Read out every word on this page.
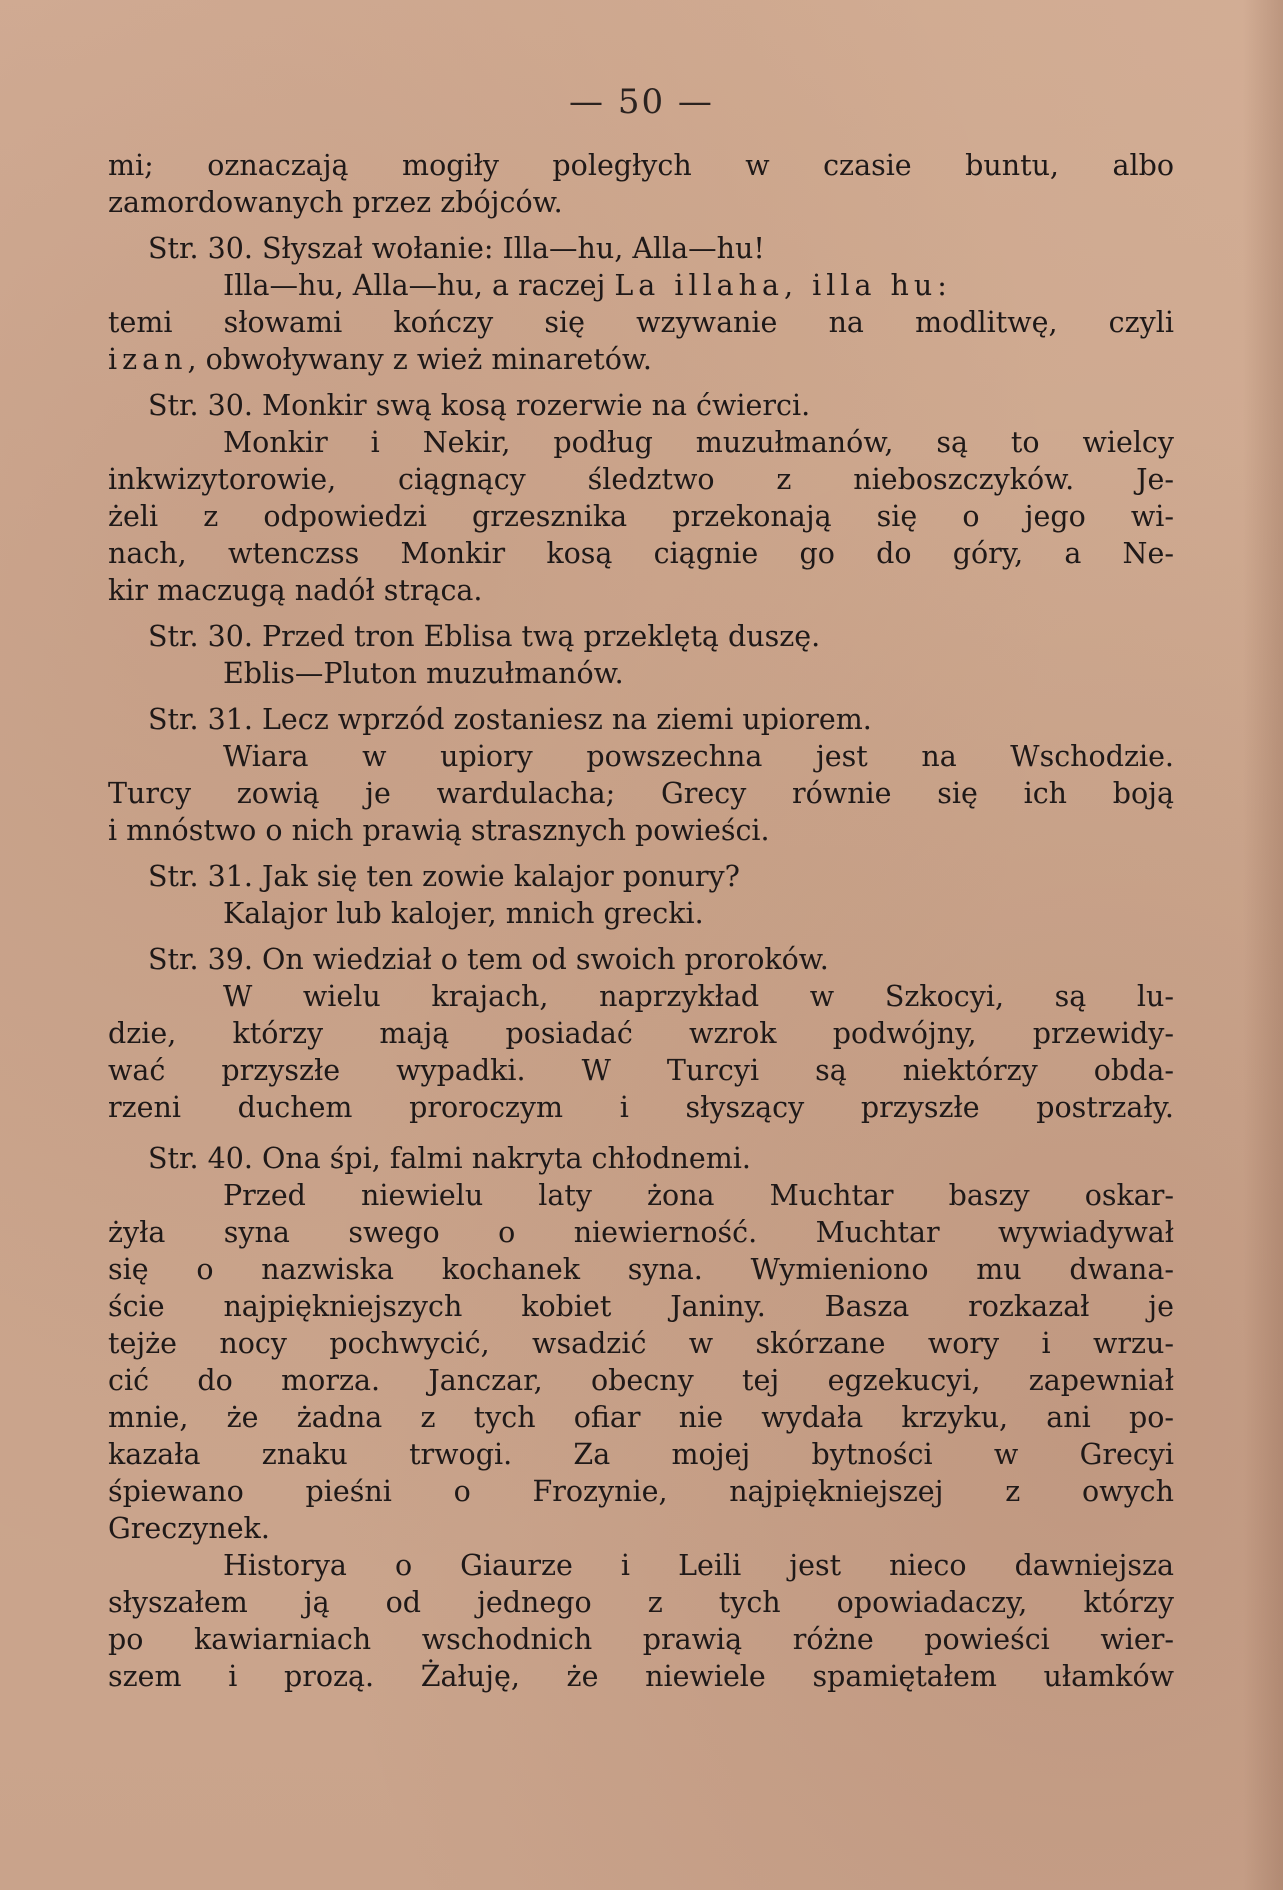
— 50 —
mi; oznaczają mogiły poległych w czasie buntu, albo
zamordowanych przez zbójców.
Str. 30. Słyszał wołanie: Illa—hu, Alla—hu!
Illa—hu, Alla—hu, a raczej La illaha, illa hu:
temi słowami kończy się wzywanie na modlitwę, czyli
izan, obwoływany z wież minaretów.
Str. 30. Monkir swą kosą rozerwie na ćwierci.
Monkir i Nekir, podług muzułmanów, są to wielcy
inkwizytorowie, ciągnący śledztwo z nieboszczyków. Je-
żeli z odpowiedzi grzesznika przekonają się o jego wi-
nach, wtenczss Monkir kosą ciągnie go do góry, a Ne-
kir maczugą nadół strąca.
Str. 30. Przed tron Eblisa twą przeklętą duszę.
Eblis—Pluton muzułmanów.
Str. 31. Lecz wprzód zostaniesz na ziemi upiorem.
Wiara w upiory powszechna jest na Wschodzie.
Turcy zowią je wardulacha; Grecy równie się ich boją
i mnóstwo o nich prawią strasznych powieści.
Str. 31. Jak się ten zowie kalajor ponury?
Kalajor lub kalojer, mnich grecki.
Str. 39. On wiedział o tem od swoich proroków.
W wielu krajach, naprzykład w Szkocyi, są lu-
dzie, którzy mają posiadać wzrok podwójny, przewidy-
wać przyszłe wypadki. W Turcyi są niektórzy obda-
rzeni duchem proroczym i słyszący przyszłe postrzały.
Str. 40. Ona śpi, falmi nakryta chłodnemi.
Przed niewielu laty żona Muchtar baszy oskar-
żyła syna swego o niewierność. Muchtar wywiadywał
się o nazwiska kochanek syna. Wymieniono mu dwana-
ście najpiękniejszych kobiet Janiny. Basza rozkazał je
tejże nocy pochwycić, wsadzić w skórzane wory i wrzu-
cić do morza. Janczar, obecny tej egzekucyi, zapewniał
mnie, że żadna z tych ofiar nie wydała krzyku, ani po-
kazała znaku trwogi. Za mojej bytności w Grecyi
śpiewano pieśni o Frozynie, najpiękniejszej z owych
Greczynek.
Historya o Giaurze i Leili jest nieco dawniejsza
słyszałem ją od jednego z tych opowiadaczy, którzy
po kawiarniach wschodnich prawią różne powieści wier-
szem i prozą. Żałuję, że niewiele spamiętałem ułamków
